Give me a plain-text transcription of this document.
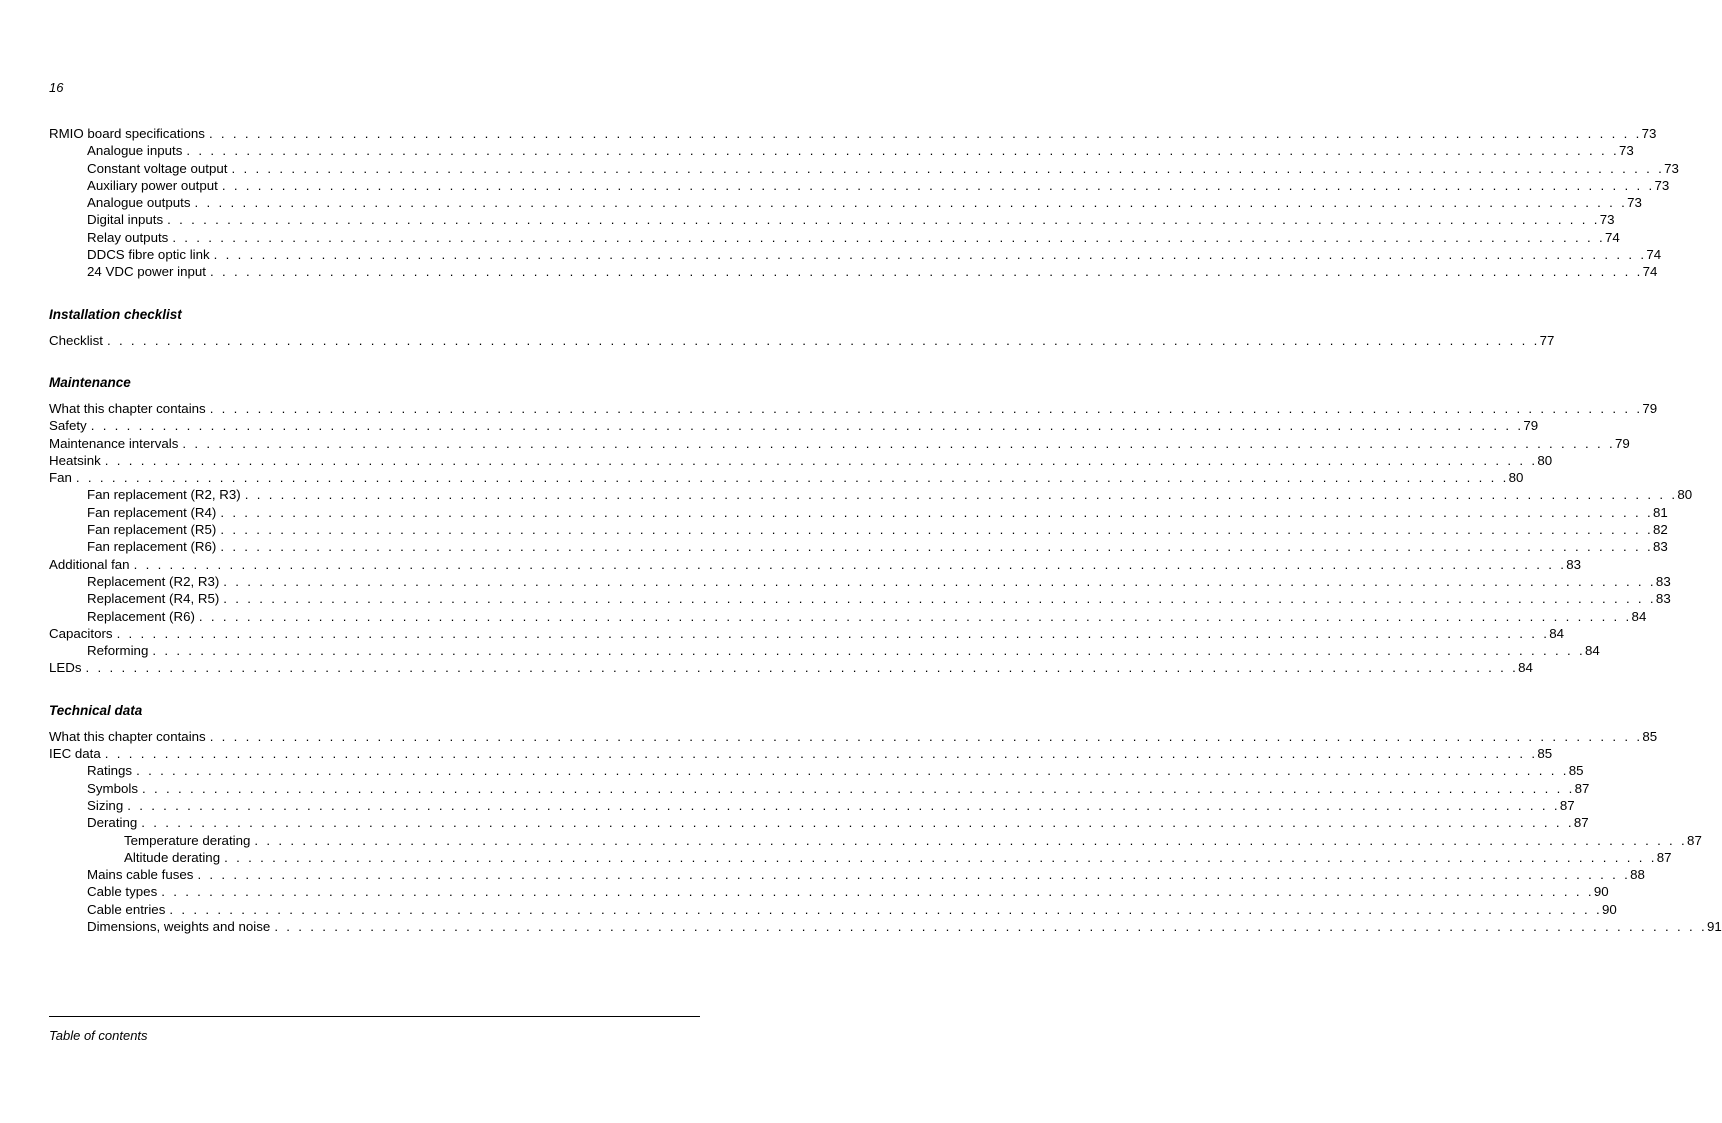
16
RMIO board specifications . . . . . . . . . . . . . . . . . . . . . . . . . . . . . . . . . . . . . . . . . . . . . . . . . . . . . . . . . . . . . . . . . . . . . . . . . . . . . . . . . . . . . . . . . . . . . . . . . . . . . . . . . . . . . . . . . . . . . . . . 73
Analogue inputs . . . . . . . . . . . . . . . . . . . . . . . . . . . . . . . . . . . . . . . . . . . . . . . . . . . . . . . . . . . . . . . . . . . . . . . . . . . . . . . . . . . . . . . . . . . . . . . . . . . . . . . . . . . . . . . . . . . . . . . . 73
Constant voltage output . . . . . . . . . . . . . . . . . . . . . . . . . . . . . . . . . . . . . . . . . . . . . . . . . . . . . . . . . . . . . . . . . . . . . . . . . . . . . . . . . . . . . . . . . . . . . . . . . . . . . . . . . . . . . . . . . . . . . . . . 73
Auxiliary power output . . . . . . . . . . . . . . . . . . . . . . . . . . . . . . . . . . . . . . . . . . . . . . . . . . . . . . . . . . . . . . . . . . . . . . . . . . . . . . . . . . . . . . . . . . . . . . . . . . . . . . . . . . . . . . . . . . . . . . . . 73
Analogue outputs . . . . . . . . . . . . . . . . . . . . . . . . . . . . . . . . . . . . . . . . . . . . . . . . . . . . . . . . . . . . . . . . . . . . . . . . . . . . . . . . . . . . . . . . . . . . . . . . . . . . . . . . . . . . . . . . . . . . . . . . 73
Digital inputs . . . . . . . . . . . . . . . . . . . . . . . . . . . . . . . . . . . . . . . . . . . . . . . . . . . . . . . . . . . . . . . . . . . . . . . . . . . . . . . . . . . . . . . . . . . . . . . . . . . . . . . . . . . . . . . . . . . . . . . . 73
Relay outputs . . . . . . . . . . . . . . . . . . . . . . . . . . . . . . . . . . . . . . . . . . . . . . . . . . . . . . . . . . . . . . . . . . . . . . . . . . . . . . . . . . . . . . . . . . . . . . . . . . . . . . . . . . . . . . . . . . . . . . . . 74
DDCS fibre optic link . . . . . . . . . . . . . . . . . . . . . . . . . . . . . . . . . . . . . . . . . . . . . . . . . . . . . . . . . . . . . . . . . . . . . . . . . . . . . . . . . . . . . . . . . . . . . . . . . . . . . . . . . . . . . . . . . . . . . . . . 74
24 VDC power input . . . . . . . . . . . . . . . . . . . . . . . . . . . . . . . . . . . . . . . . . . . . . . . . . . . . . . . . . . . . . . . . . . . . . . . . . . . . . . . . . . . . . . . . . . . . . . . . . . . . . . . . . . . . . . . . . . . . . . . . 74
Installation checklist
Checklist . . . . . . . . . . . . . . . . . . . . . . . . . . . . . . . . . . . . . . . . . . . . . . . . . . . . . . . . . . . . . . . . . . . . . . . . . . . . . . . . . . . . . . . . . . . . . . . . . . . . . . . . . . . . . . . . . . . . . . . . 77
Maintenance
What this chapter contains . . . . . . . . . . . . . . . . . . . . . . . . . . . . . . . . . . . . . . . . . . . . . . . . . . . . . . . . . . . . . . . . . . . . . . . . . . . . . . . . . . . . . . . . . . . . . . . . . . . . . . . . . . . . . . . . . . . . . . . . 79
Safety . . . . . . . . . . . . . . . . . . . . . . . . . . . . . . . . . . . . . . . . . . . . . . . . . . . . . . . . . . . . . . . . . . . . . . . . . . . . . . . . . . . . . . . . . . . . . . . . . . . . . . . . . . . . . . . . . . . . . . . . 79
Maintenance intervals . . . . . . . . . . . . . . . . . . . . . . . . . . . . . . . . . . . . . . . . . . . . . . . . . . . . . . . . . . . . . . . . . . . . . . . . . . . . . . . . . . . . . . . . . . . . . . . . . . . . . . . . . . . . . . . . . . . . . . . . 79
Heatsink . . . . . . . . . . . . . . . . . . . . . . . . . . . . . . . . . . . . . . . . . . . . . . . . . . . . . . . . . . . . . . . . . . . . . . . . . . . . . . . . . . . . . . . . . . . . . . . . . . . . . . . . . . . . . . . . . . . . . . . . 80
Fan . . . . . . . . . . . . . . . . . . . . . . . . . . . . . . . . . . . . . . . . . . . . . . . . . . . . . . . . . . . . . . . . . . . . . . . . . . . . . . . . . . . . . . . . . . . . . . . . . . . . . . . . . . . . . . . . . . . . . . . . 80
Fan replacement (R2, R3) . . . . . . . . . . . . . . . . . . . . . . . . . . . . . . . . . . . . . . . . . . . . . . . . . . . . . . . . . . . . . . . . . . . . . . . . . . . . . . . . . . . . . . . . . . . . . . . . . . . . . . . . . . . . . . . . . . . . . . . . 80
Fan replacement (R4) . . . . . . . . . . . . . . . . . . . . . . . . . . . . . . . . . . . . . . . . . . . . . . . . . . . . . . . . . . . . . . . . . . . . . . . . . . . . . . . . . . . . . . . . . . . . . . . . . . . . . . . . . . . . . . . . . . . . . . . . 81
Fan replacement (R5) . . . . . . . . . . . . . . . . . . . . . . . . . . . . . . . . . . . . . . . . . . . . . . . . . . . . . . . . . . . . . . . . . . . . . . . . . . . . . . . . . . . . . . . . . . . . . . . . . . . . . . . . . . . . . . . . . . . . . . . . 82
Fan replacement (R6) . . . . . . . . . . . . . . . . . . . . . . . . . . . . . . . . . . . . . . . . . . . . . . . . . . . . . . . . . . . . . . . . . . . . . . . . . . . . . . . . . . . . . . . . . . . . . . . . . . . . . . . . . . . . . . . . . . . . . . . . 83
Additional fan . . . . . . . . . . . . . . . . . . . . . . . . . . . . . . . . . . . . . . . . . . . . . . . . . . . . . . . . . . . . . . . . . . . . . . . . . . . . . . . . . . . . . . . . . . . . . . . . . . . . . . . . . . . . . . . . . . . . . . . . 83
Replacement (R2, R3) . . . . . . . . . . . . . . . . . . . . . . . . . . . . . . . . . . . . . . . . . . . . . . . . . . . . . . . . . . . . . . . . . . . . . . . . . . . . . . . . . . . . . . . . . . . . . . . . . . . . . . . . . . . . . . . . . . . . . . . . 83
Replacement (R4, R5) . . . . . . . . . . . . . . . . . . . . . . . . . . . . . . . . . . . . . . . . . . . . . . . . . . . . . . . . . . . . . . . . . . . . . . . . . . . . . . . . . . . . . . . . . . . . . . . . . . . . . . . . . . . . . . . . . . . . . . . . 83
Replacement (R6) . . . . . . . . . . . . . . . . . . . . . . . . . . . . . . . . . . . . . . . . . . . . . . . . . . . . . . . . . . . . . . . . . . . . . . . . . . . . . . . . . . . . . . . . . . . . . . . . . . . . . . . . . . . . . . . . . . . . . . . . 84
Capacitors . . . . . . . . . . . . . . . . . . . . . . . . . . . . . . . . . . . . . . . . . . . . . . . . . . . . . . . . . . . . . . . . . . . . . . . . . . . . . . . . . . . . . . . . . . . . . . . . . . . . . . . . . . . . . . . . . . . . . . . . 84
Reforming . . . . . . . . . . . . . . . . . . . . . . . . . . . . . . . . . . . . . . . . . . . . . . . . . . . . . . . . . . . . . . . . . . . . . . . . . . . . . . . . . . . . . . . . . . . . . . . . . . . . . . . . . . . . . . . . . . . . . . . . 84
LEDs . . . . . . . . . . . . . . . . . . . . . . . . . . . . . . . . . . . . . . . . . . . . . . . . . . . . . . . . . . . . . . . . . . . . . . . . . . . . . . . . . . . . . . . . . . . . . . . . . . . . . . . . . . . . . . . . . . . . . . . . 84
Technical data
What this chapter contains . . . . . . . . . . . . . . . . . . . . . . . . . . . . . . . . . . . . . . . . . . . . . . . . . . . . . . . . . . . . . . . . . . . . . . . . . . . . . . . . . . . . . . . . . . . . . . . . . . . . . . . . . . . . . . . . . . . . . . . . 85
IEC data . . . . . . . . . . . . . . . . . . . . . . . . . . . . . . . . . . . . . . . . . . . . . . . . . . . . . . . . . . . . . . . . . . . . . . . . . . . . . . . . . . . . . . . . . . . . . . . . . . . . . . . . . . . . . . . . . . . . . . . . 85
Ratings . . . . . . . . . . . . . . . . . . . . . . . . . . . . . . . . . . . . . . . . . . . . . . . . . . . . . . . . . . . . . . . . . . . . . . . . . . . . . . . . . . . . . . . . . . . . . . . . . . . . . . . . . . . . . . . . . . . . . . . . 85
Symbols . . . . . . . . . . . . . . . . . . . . . . . . . . . . . . . . . . . . . . . . . . . . . . . . . . . . . . . . . . . . . . . . . . . . . . . . . . . . . . . . . . . . . . . . . . . . . . . . . . . . . . . . . . . . . . . . . . . . . . . . 87
Sizing . . . . . . . . . . . . . . . . . . . . . . . . . . . . . . . . . . . . . . . . . . . . . . . . . . . . . . . . . . . . . . . . . . . . . . . . . . . . . . . . . . . . . . . . . . . . . . . . . . . . . . . . . . . . . . . . . . . . . . . . 87
Derating . . . . . . . . . . . . . . . . . . . . . . . . . . . . . . . . . . . . . . . . . . . . . . . . . . . . . . . . . . . . . . . . . . . . . . . . . . . . . . . . . . . . . . . . . . . . . . . . . . . . . . . . . . . . . . . . . . . . . . . . 87
Temperature derating . . . . . . . . . . . . . . . . . . . . . . . . . . . . . . . . . . . . . . . . . . . . . . . . . . . . . . . . . . . . . . . . . . . . . . . . . . . . . . . . . . . . . . . . . . . . . . . . . . . . . . . . . . . . . . . . . . . . . . . . 87
Altitude derating . . . . . . . . . . . . . . . . . . . . . . . . . . . . . . . . . . . . . . . . . . . . . . . . . . . . . . . . . . . . . . . . . . . . . . . . . . . . . . . . . . . . . . . . . . . . . . . . . . . . . . . . . . . . . . . . . . . . . . . . 87
Mains cable fuses . . . . . . . . . . . . . . . . . . . . . . . . . . . . . . . . . . . . . . . . . . . . . . . . . . . . . . . . . . . . . . . . . . . . . . . . . . . . . . . . . . . . . . . . . . . . . . . . . . . . . . . . . . . . . . . . . . . . . . . . 88
Cable types . . . . . . . . . . . . . . . . . . . . . . . . . . . . . . . . . . . . . . . . . . . . . . . . . . . . . . . . . . . . . . . . . . . . . . . . . . . . . . . . . . . . . . . . . . . . . . . . . . . . . . . . . . . . . . . . . . . . . . . . 90
Cable entries . . . . . . . . . . . . . . . . . . . . . . . . . . . . . . . . . . . . . . . . . . . . . . . . . . . . . . . . . . . . . . . . . . . . . . . . . . . . . . . . . . . . . . . . . . . . . . . . . . . . . . . . . . . . . . . . . . . . . . . . 90
Dimensions, weights and noise . . . . . . . . . . . . . . . . . . . . . . . . . . . . . . . . . . . . . . . . . . . . . . . . . . . . . . . . . . . . . . . . . . . . . . . . . . . . . . . . . . . . . . . . . . . . . . . . . . . . . . . . . . . . . . . . . . . . . . . . 91
Table of contents
